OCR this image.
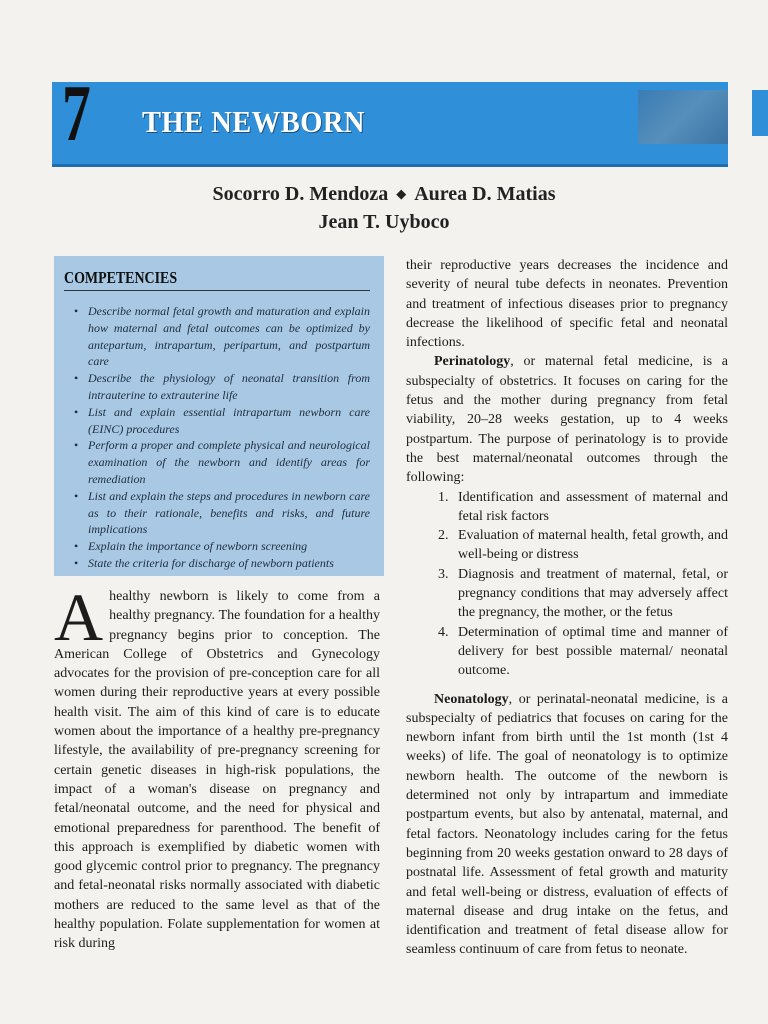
7 THE NEWBORN
Socorro D. Mendoza ◆ Aurea D. Matias
Jean T. Uyboco
COMPETENCIES
• Describe normal fetal growth and maturation and explain how maternal and fetal outcomes can be optimized by antepartum, intrapartum, peripartum, and postpartum care
• Describe the physiology of neonatal transition from intrauterine to extrauterine life
• List and explain essential intrapartum newborn care (EINC) procedures
• Perform a proper and complete physical and neurological examination of the newborn and identify areas for remediation
• List and explain the steps and procedures in newborn care as to their rationale, benefits and risks, and future implications
• Explain the importance of newborn screening
• State the criteria for discharge of newborn patients

A healthy newborn is likely to come from a healthy pregnancy. The foundation for a healthy pregnancy begins prior to conception. The American College of Obstetrics and Gynecology advocates for the provision of pre-conception care for all women during their reproductive years at every possible health visit. The aim of this kind of care is to educate women about the importance of a healthy pre-pregnancy lifestyle, the availability of pre-pregnancy screening for certain genetic diseases in high-risk populations, the impact of a woman's disease on pregnancy and fetal/neonatal outcome, and the need for physical and emotional preparedness for parenthood. The benefit of this approach is exemplified by diabetic women with good glycemic control prior to pregnancy. The pregnancy and fetal-neonatal risks normally associated with diabetic mothers are reduced to the same level as that of the healthy population. Folate supplementation for women at risk during

their reproductive years decreases the incidence and severity of neural tube defects in neonates. Prevention and treatment of infectious diseases prior to pregnancy decrease the likelihood of specific fetal and neonatal infections.

Perinatology, or maternal fetal medicine, is a subspecialty of obstetrics. It focuses on caring for the fetus and the mother during pregnancy from fetal viability, 20–28 weeks gestation, up to 4 weeks postpartum. The purpose of perinatology is to provide the best maternal/neonatal outcomes through the following:

1. Identification and assessment of maternal and fetal risk factors
2. Evaluation of maternal health, fetal growth, and well-being or distress
3. Diagnosis and treatment of maternal, fetal, or pregnancy conditions that may adversely affect the pregnancy, the mother, or the fetus
4. Determination of optimal time and manner of delivery for best possible maternal/ neonatal outcome.

Neonatology, or perinatal-neonatal medicine, is a subspecialty of pediatrics that focuses on caring for the newborn infant from birth until the 1st month (1st 4 weeks) of life. The goal of neonatology is to optimize newborn health. The outcome of the newborn is determined not only by intrapartum and immediate postpartum events, but also by antenatal, maternal, and fetal factors. Neonatology includes caring for the fetus beginning from 20 weeks gestation onward to 28 days of postnatal life. Assessment of fetal growth and maturity and fetal well-being or distress, evaluation of effects of maternal disease and drug intake on the fetus, and identification and treatment of fetal disease allow for seamless continuum of care from fetus to neonate.
